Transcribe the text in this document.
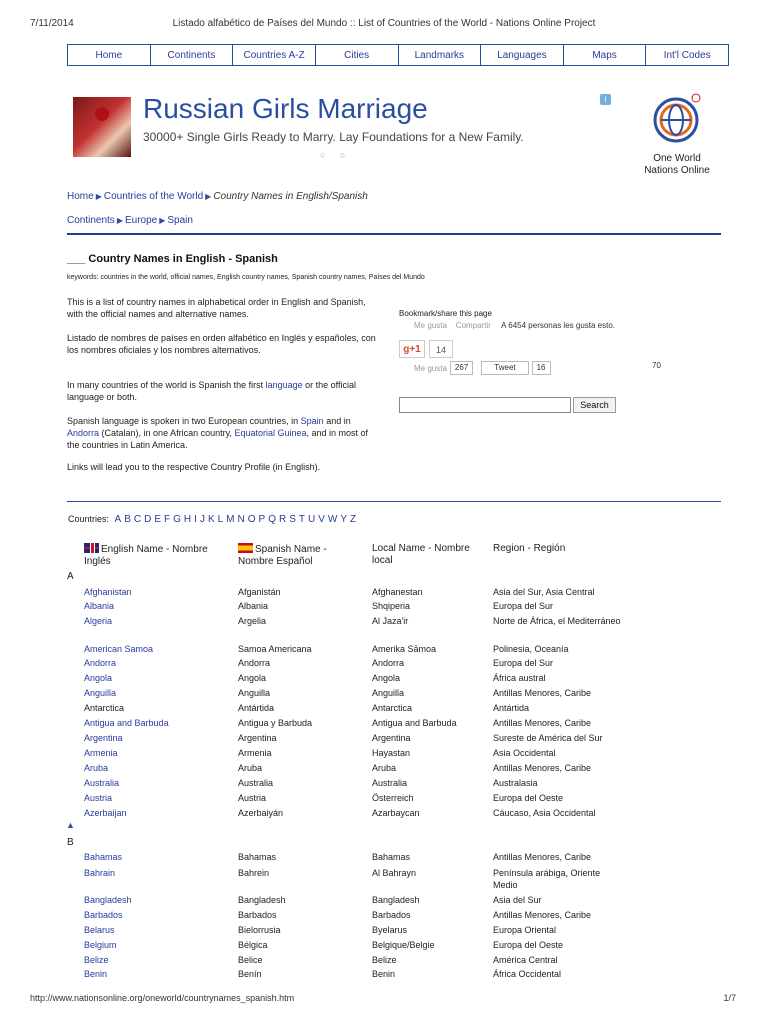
7/11/2014	Listado alfabético de Países del Mundo :: List of Countries of the World - Nations Online Project
Home	Continents	Countries A-Z	Cities	Landmarks	Languages	Maps	Int'l Codes
Russian Girls Marriage
30000+ Single Girls Ready to Marry. Lay Foundations for a New Family.
○ ○
i
One World
Nations Online
Home ▶ Countries of the World ▶ Country Names in English/Spanish
Continents ▶ Europe ▶ Spain
___ Country Names in English - Spanish
keywords: countries in the world, official names, English country names, Spanish country names, Países del Mundo
This is a list of country names in alphabetical order in English and Spanish, with the official names and alternative names.
Listado de nombres de países en orden alfabético en Inglés y españoles, con los nombres oficiales y los nombres alternativos.
In many countries of the world is Spanish the first language or the official language or both.
Spanish language is spoken in two European countries, in Spain and in Andorra (Catalan), in one African country, Equatorial Guinea, and in most of the countries in Latin America.
Links will lead you to the respective Country Profile (in English).
Bookmark/share this page
Me gusta Compartir A 6454 personas les gusta esto.
g+1	14
Me gusta	267	Tweet	16	70
Search
Countries: A B C D E F G H I J K L M N O P Q R S T U V W Y Z
English Name - Nombre Inglés
Spanish Name - Nombre Español
Local Name - Nombre local
Region - Región
A
Afghanistan	Afganistán	Afghanestan	Asia del Sur, Asia Central
Albania	Albania	Shqiperia	Europa del Sur
Algeria	Argelia	Al Jaza'ir	Norte de África, el Mediterráneo
American Samoa	Samoa Americana	Amerika Sāmoa	Polinesia, Oceanía
Andorra	Andorra	Andorra	Europa del Sur
Angola	Angola	Angola	África austral
Anguilla	Anguilla	Anguilla	Antillas Menores, Caribe
Antarctica	Antártida	Antarctica	Antártida
Antigua and Barbuda	Antigua y Barbuda	Antigua and Barbuda	Antillas Menores, Caribe
Argentina	Argentina	Argentina	Sureste de América del Sur
Armenia	Armenia	Hayastan	Asia Occidental
Aruba	Aruba	Aruba	Antillas Menores, Caribe
Australia	Australia	Australia	Australasia
Austria	Austria	Österreich	Europa del Oeste
Azerbaijan	Azerbaiyán	Azarbaycan	Cáucaso, Asia Occidental
▲
B
Bahamas	Bahamas	Bahamas	Antillas Menores, Caribe
Bahrain	Bahrein	Al Bahrayn	Península arábiga, Oriente Medio
Bangladesh	Bangladesh	Bangladesh	Asia del Sur
Barbados	Barbados	Barbados	Antillas Menores, Caribe
Belarus	Bielorrusia	Byelarus	Europa Oriental
Belgium	Bélgica	Belgique/Belgie	Europa del Oeste
Belize	Belice	Belize	América Central
Benin	Benín	Benin	África Occidental
http://www.nationsonline.org/oneworld/countrynames_spanish.htm	1/7
